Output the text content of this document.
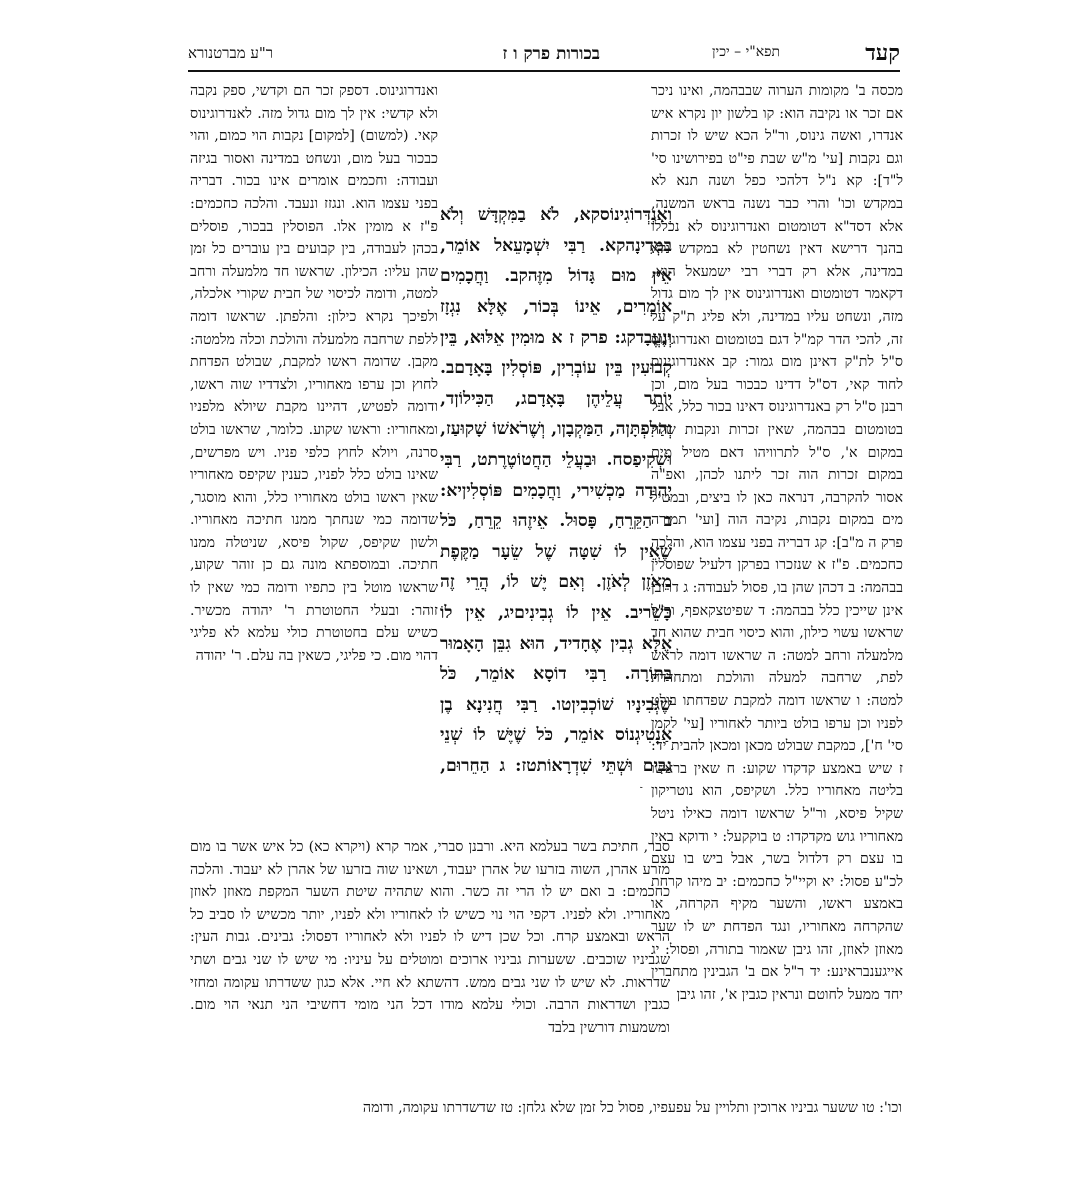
קעד
תפא"י – יכין
בכורות פרק ו ז
ר"ע מברטנורא

מכסה ב' מקומות הערוה שבבהמה, ואינו ניכר אם זכר או נקיבה הוא: קו בלשון יון נקרא איש אנדרו, ואשה גינוס, ור"ל הכא שיש לו זכרות וגם נקבות [עי' מ"ש שבת פי"ט בפירושינו סי' ל"ד]: קא נ"ל דלהכי כפל ושנה תנא לא במקדש וכו' והרי כבר נשנה בראש המשנה, אלא דסד"א דטומטום ואנדרוגינוס לא נכללו בהנך דרישא דאין נשחטין לא במקדש ולא במדינה, אלא רק דברי רבי ישמעאל הוא, דקאמר דטומטום ואנדרוגינוס אין לך מום גדול מזה, ונשחט עליו במדינה, ולא פליג ת"ק על זה, להכי הדר קמ"ל דגם בטומטום ואנדרוגינוס ס"ל לת"ק דאינן מום גמור: קב אאנדרוגינוס לחוד קאי, דס"ל דדינו כבכור בעל מום, וכן רבנן ס"ל רק באנדרוגינוס דאינו בכור כלל, אבל בטומטום בבהמה, שאין זכרות ונקבות שלה במקום א', ס"ל לתרוויהו דאם מטיל מים במקום זכרות הוה זכר ליתנו לכהן, ואפ"ה אסור להקרבה, דנראה כאן לו ביצים, ובמטיל מים במקום נקבות, נקיבה הוה [ועי' תמורה פרק ה מ"ב]: קג דבריה בפני עצמו הוא, והלכה כחכמים. פ"ז א שנזכרו בפרקן דלעיל שפוסלין בבהמה: ב דכהן שהן בו, פסול לעבודה: ג דרובן אינן שייכין כלל בבהמה: ד שפיטצקאפף, ור"ל שראשו עשוי כילון, והוא כיסוי חבית שהוא חד מלמעלה ורחב למטה: ה שראשו דומה לראש לפת, שרחבה למעלה והולכת ומתחדדת למטה: ו שראשו דומה למקבת שפדחתו בולט לפניו וכן ערפו בולט ביותר לאחוריו [עי' לקמן סי' ח'], כמקבת שבולט מכאן ומכאן להבית יד: ז שיש באמצע קדקדו שקוע: ח שאין בראשו בליטה מאחוריו כלל. ושקיפס, הוא נוטריקון שקיל פיסא, ור"ל שראשו דומה כאילו ניטל מאחוריו גוש מקדקדו: ט בוקקעל: י ודוקא באין בו עצם רק דלדול בשר, אבל ביש בו עצם לכ"ע פסול: יא וקיי"ל כחכמים: יב מיהו קרחת באמצע ראשו, והשער מקיף הקרחה, או שהקרחה מאחוריו, ונגד הפדחת יש לו שער מאוזן לאוזן, זהו גיבן שאמור בתורה, ופסול: יג אייגענבראינע: יד ר"ל אם ב' הגבינין מתחברין יחד ממעל לחוטם ונראין כגבין א', זהו גיבן

ואנדרוגינוס. דספק זכר הם וקדשי, ספק נקבה ולא קדשי: אין לך מום גדול מזה. לאנדרוגינוס קאי. (למשום) [למקום] נקבות הוי כמום, והוי כבכור בעל מום, ונשחט במדינה ואסור בגיזה ועבודה: וחכמים אומרים אינו בכור. דבריה בפני עצמו הוא. ונגזז ונעבד. והלכה כחכמים: פ"ז א מומין אלו. הפוסלין בבכור, פוסלים בכהן לעבודה, בין קבועים בין עוברים כל זמן שהן עליו: הכילון. שראשו חד מלמעלה ורחב למטה, ודומה לכיסוי של חבית שקורי אלכלה, ולפיכך נקרא כילון: והלפתן. שראשו דומה ללפת שרחבה מלמעלה והולכת וכלה מלמטה: מקבן. שדומה ראשו למקבת, שבולט הפדחת לחוץ וכן ערפו מאחוריו, ולצדדיו שוה ראשו, ודומה לפטיש, דהיינו מקבת שיולא מלפניו ומאחוריו: וראשו שקוע. כלומר, שראשו בולט סרנה, ויולא לחוץ כלפי פניו. ויש מפרשים, שאינו בולט כלל לפניו, כענין שקיפס מאחוריו שאין ראשו בולט מאחוריו כלל, והוא מוסגר, שדומה כמי שנחתך ממנו חתיכה מאחוריו. ולשון שקיפס, שקול פיסא, שניטלה ממנו חתיכה. ובמוספתא מונה גם כן זוהר שקוע, שראשו מוטל בין כתפיו ודומה כמי שאין לו זוהר: ובעלי החטוטרת ר' יהודה מכשיר. כשיש עלם בחטוטרת כולי עלמא לא פליגי דהוי מום. כי פליגי, כשאין בה עלם. ר' יהודה

וְאַנְדְּרוֹגִינוֹסקא, לֹא בַמִּקְדָּשׁ וְלֹא בַמְּדִינָהקא. רַבִּי יִשְׁמָעֵאל אוֹמֵר, אֵין מוּם גָּדוֹל מִזֶּהקב. וַחֲכָמִים אוֹמְרִים, אֵינוֹ בְּכוֹר, אֶלָּא נִגְזָז וְנֶעֱבָדקג: פרק ז א מוּמִין אֵלּוּא, בֵּין קְבוּעִין בֵּין עוֹבְרִין, פּוֹסְלִין בָּאָדָםב. יוֹתֵר עֲלֵיהֶן בָּאָדָםג, הַכִּילוֹןד, וְהַלִּפְתָּןה, הַמַּקְבָןו, וְשֶׁרֹאשׁוֹ שָׁקוּעַז, וּשְׁקִיפַסח. וּבַעֲלֵי הַחֲטוֹטֶרֶתט, רַבִּי יְהוּדָה מַכְשִׁירי, וַחֲכָמִים פּוֹסְלִיןיא: ב הַקֵּרֵחַ, פָּסוּל. אֵיזֶהוּ קֵרֵחַ, כֹּל שֶׁאֵין לוֹ שִׁטָּה שֶׁל שֵׂעָר מַקֶּפֶת מֵאֹזֶן לְאֹזֶן. וְאִם יֶשׁ לוֹ, הֲרֵי זֶה כָּשֵׁריב. אֵין לוֹ גְבִינִיםיג, אֵין לוֹ אֶלָּא גְבִין אֶחָדיד, הוּא גִבֵּן הָאָמוּר בַּתּוֹרָה. רַבִּי דוֹסָא אוֹמֵר, כֹּל שֶׁגְּבִינָיו שׁוֹכְבִיןטו. רַבִּי חֲנִינָא בֶן אַנְטִיגְנוֹס אוֹמֵר, כֹּל שֶׁיֶּשׁ לוֹ שְׁנֵי גַבִּים וּשְׁתֵּי שִׁדְרָאוֹתטז: ג הַחֵרוּם,

סבר, חתיכת בשר בעלמא היא. ורבנן סברי, אמר קרא (ויקרא כא) כל איש אשר בו מום מזרע אהרן, השוה בזרעו של אהרן יעבוד, ושאינו שוה בזרעו של אהרן לא יעבוד. והלכה כחכמים: ב ואם יש לו הרי זה כשר. והוא שתהיה שיטת השער המקפת מאוזן לאוזן מאחוריו. ולא לפניו. דקפי הוי נוי כשיש לו לאחוריו ולא לפניו, יותר מכשיש לו סביב כל הראש ובאמצע קרח. וכל שכן דיש לו לפניו ולא לאחוריו דפסול: גבינים. גבות העין: שגביניו שוכבים. ששערות גביניו ארוכים ומוטלים על עיניו: מי שיש לו שני גבים ושתי שדראות. לא שיש לו שני גבים ממש. דהשתא לא חיי. אלא כגון ששדרתו עקומה ומחזי כגבין ושדראות הרבה. וכולי עלמא מודו דכל הני מומי דחשיבי הני תנאי הוי מום. ומשמעות דורשין בלבד

וכו': טו ששער גביניו ארוכין ותלויין על עפעפיו, פסול כל זמן שלא גלחן: טז שדשדרתו עקומה, ודומה
